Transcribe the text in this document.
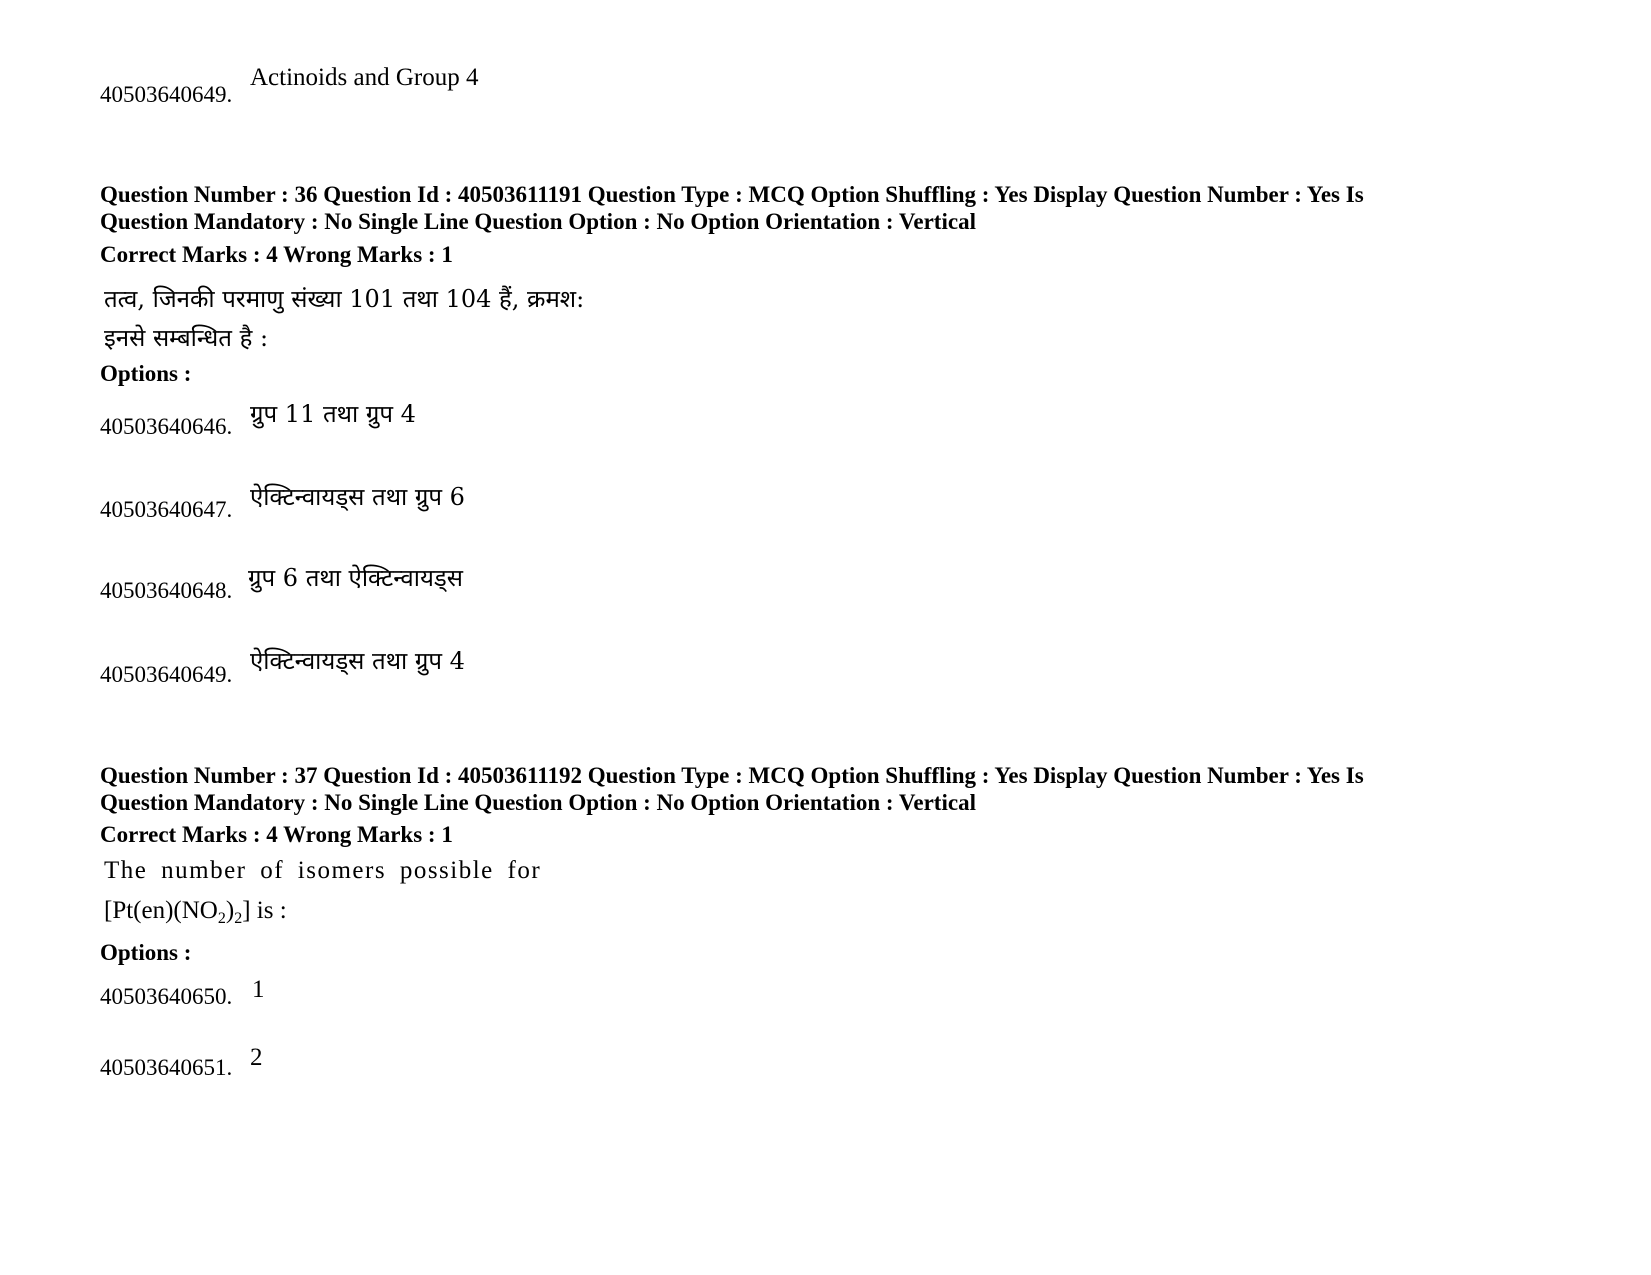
40503640649.
Actinoids and Group 4
Question Number : 36 Question Id : 40503611191 Question Type : MCQ Option Shuffling : Yes Display Question Number : Yes Is
Question Mandatory : No Single Line Question Option : No Option Orientation : Vertical
Correct Marks : 4 Wrong Marks : 1
तत्व, जिनकी परमाणु संख्या 101 तथा 104 हैं, क्रमश:
इनसे सम्बन्धित है :
Options :
40503640646. ग्रुप 11 तथा ग्रुप 4
40503640647. ऐक्टिन्वायड्स तथा ग्रुप 6
40503640648. ग्रुप 6 तथा ऐक्टिन्वायड्स
40503640649. ऐक्टिन्वायड्स तथा ग्रुप 4
Question Number : 37 Question Id : 40503611192 Question Type : MCQ Option Shuffling : Yes Display Question Number : Yes Is
Question Mandatory : No Single Line Question Option : No Option Orientation : Vertical
Correct Marks : 4 Wrong Marks : 1
The number of isomers possible for
$[Pt(en)(NO_2)_2]$ is :
Options :
40503640650. 1
40503640651. 2
